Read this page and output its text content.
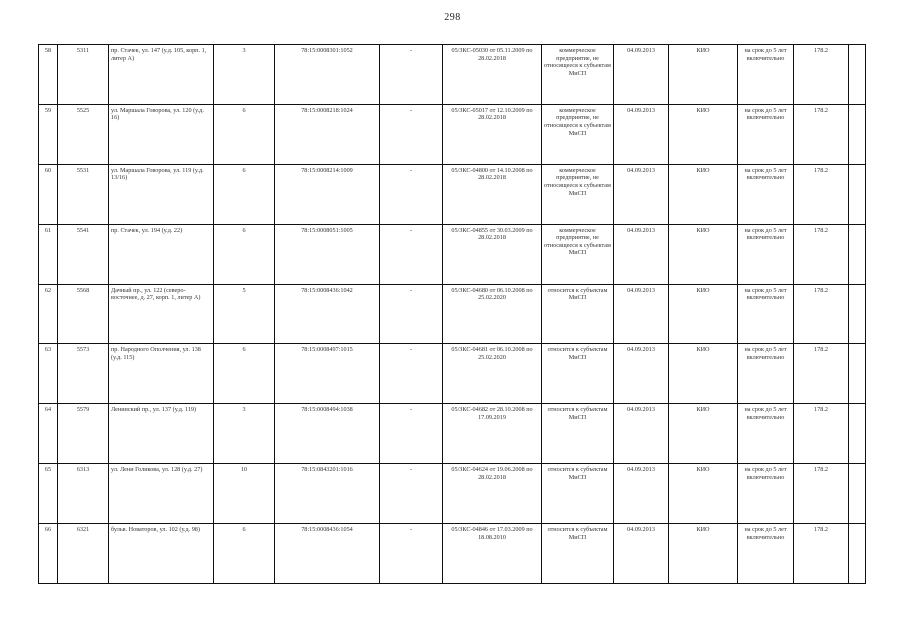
298
58	5311	пр. Стачек, ул. 147 (у.д. 105, корп. 1, литер А)	3	78:15:0008301:1052	-	05/ЗКС-05030 от 05.11.2009 по 28.02.2018	коммерческое предприятие, не относящееся к субъектам МиСП	04.09.2013	КИО	на срок до 5 лет включительно	178.2	
59	5525	ул. Маршала Говорова, ул. 120 (у.д. 16)	6	78:15:0008218:1024	-	05/ЗКС-05017 от 12.10.2009 по 28.02.2018	коммерческое предприятие, не относящееся к субъектам МиСП	04.09.2013	КИО	на срок до 5 лет включительно	178.2	
60	5531	ул. Маршала Говорова, ул. 119 (у.д. 13/16)	6	78:15:0008214:1009	-	05/ЗКС-04800 от 14.10.2008 по 28.02.2018	коммерческое предприятие, не относящееся к субъектам МиСП	04.09.2013	КИО	на срок до 5 лет включительно	178.2	
61	5541	пр. Стачек, ул. 194 (у.д. 22)	6	78:15:0008051:1005	-	05/ЗКС-04855 от 30.03.2009 по 28.02.2018	коммерческое предприятие, не относящееся к субъектам МиСП	04.09.2013	КИО	на срок до 5 лет включительно	178.2	
62	5568	Дачный пр., ул. 122 (северо-восточнее, д. 27, корп. 1, литер А)	5	78:15:0008436:1042	-	05/ЗКС-04680 от 06.10.2008 по 25.02.2020	относится к субъектам МиСП	04.09.2013	КИО	на срок до 5 лет включительно	178.2	
63	5573	пр. Народного Ополчения, ул. 138 (у.д. 115)	6	78:15:0008497:1015	-	05/ЗКС-04681 от 06.10.2008 по 25.02.2020	относится к субъектам МиСП	04.09.2013	КИО	на срок до 5 лет включительно	178.2	
64	5579	Ленинский пр., ул. 137 (у.д. 119)	3	78:15:0008494:1038	-	05/ЗКС-04682 от 28.10.2008 по 17.09.2019	относится к субъектам МиСП	04.09.2013	КИО	на срок до 5 лет включительно	178.2	
65	6313	ул. Лени Голикова, ул. 128 (у.д. 27)	10	78:15:0843201:1016	-	05/ЗКС-04624 от 19.06.2008 по 28.02.2018	относится к субъектам МиСП	04.09.2013	КИО	на срок до 5 лет включительно	178.2	
66	6321	бульв. Новаторов, ул. 102 (у.д. 98)	6	78:15:0008436:1054	-	05/ЗКС-04846 от 17.03.2009 по 18.08.2010	относится к субъектам МиСП	04.09.2013	КИО	на срок до 5 лет включительно	178.2	
